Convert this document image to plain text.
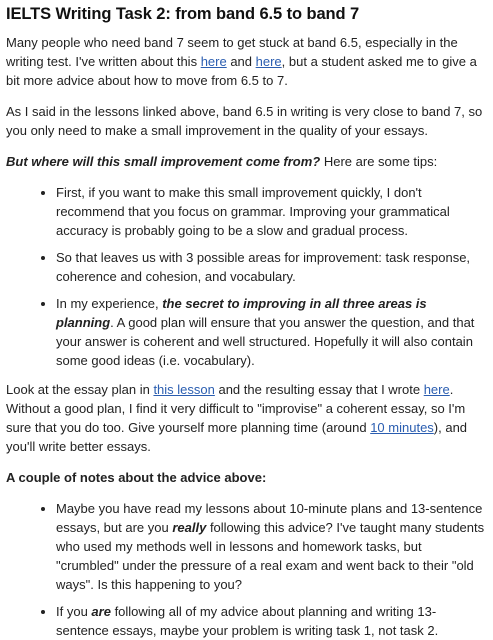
IELTS Writing Task 2: from band 6.5 to band 7

Many people who need band 7 seem to get stuck at band 6.5, especially in the writing test. I've written about this here and here, but a student asked me to give a bit more advice about how to move from 6.5 to 7.

As I said in the lessons linked above, band 6.5 in writing is very close to band 7, so you only need to make a small improvement in the quality of your essays.

But where will this small improvement come from? Here are some tips:

• First, if you want to make this small improvement quickly, I don't recommend that you focus on grammar. Improving your grammatical accuracy is probably going to be a slow and gradual process.
• So that leaves us with 3 possible areas for improvement: task response, coherence and cohesion, and vocabulary.
• In my experience, the secret to improving in all three areas is planning. A good plan will ensure that you answer the question, and that your answer is coherent and well structured. Hopefully it will also contain some good ideas (i.e. vocabulary).

Look at the essay plan in this lesson and the resulting essay that I wrote here. Without a good plan, I find it very difficult to "improvise" a coherent essay, so I'm sure that you do too. Give yourself more planning time (around 10 minutes), and you'll write better essays.

A couple of notes about the advice above:

• Maybe you have read my lessons about 10-minute plans and 13-sentence essays, but are you really following this advice? I've taught many students who used my methods well in lessons and homework tasks, but "crumbled" under the pressure of a real exam and went back to their "old ways". Is this happening to you?
• If you are following all of my advice about planning and writing 13-sentence essays, maybe your problem is writing task 1, not task 2.
